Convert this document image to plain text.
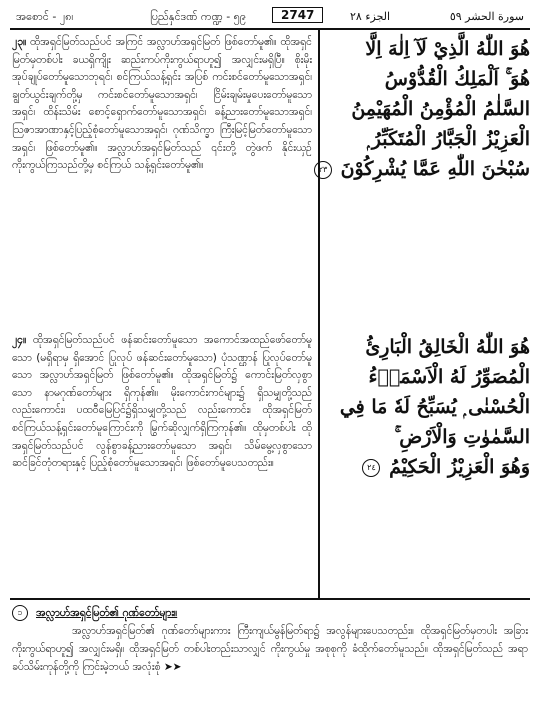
အစောင် - ၂၈၊	ပြည်နှင်ဒဏ် ကဏ္ဍ - ၅၉	2747	الجزء ٢٨	سورة الحشر ٥٩

၂၃။ ထိုအရှင်မြတ်သည်ပင် အကြင် အလ္လာဟ်အရှင်မြတ် ဖြစ်တော်မူ၏။ ထိုအရှင်မြတ်မှတစ်ပါး ခယရှိကျိုး ဆည်းကပ်ကိုးကွယ်ရာဟူ၍ အလျှင်းမရှိပြီ။ စိုးမိုး အုပ်ချုပ်တော်မူသောဘုရင်၊ စင်ကြယ်သန့်ရှင်း အပြစ် ကင်းစင်တော်မူသောအရှင်၊ ချွတ်ယွင်းချက်တို့မှ ကင်းစင်တော်မူသောအရှင်၊ ငြိမ်းချမ်းမှုပေးတော်မူသော အရှင်၊ ထိန်းသိမ်း စောင့်ရှောက်တော်မူသောအရှင်၊ ခန့်ညားတော်မူသောအရှင်၊ ဩဇာအာဏာနှင့်ပြည့်စုံတော်မူသောအရှင်၊ ဂုဏ်သိက္ခာ ကြီးမြင့်မြတ်တော်မူသော အရှင်၊ ဖြစ်တော်မူ၏။ အလ္လာဟ်အရှင်မြတ်သည် ၎င်းတို့ တွဲဖက် နိုင်းယှဉ် ကိုးကွယ်ကြသည်တို့မှ စင်ကြယ် သန့်ရှင်းတော်မူ၏။

၂၄။ ထိုအရှင်မြတ်သည်ပင် ဖန်ဆင်းတော်မူသော အကောင်အထည်ဖော်တော်မူသော (မရှိရာမှ ရှိအောင် ပြုလုပ် ဖန်ဆင်းတော်မူသော) ပုံသဏ္ဌာန် ပြုလုပ်တော်မူသော အလ္လာဟ်အရှင်မြတ် ဖြစ်တော်မူ၏။ ထိုအရှင်မြတ်၌ ကောင်းမြတ်လှစွာသော နာမဂုဏ်တော်များ ရှိကုန်၏။ မိုးကောင်းကင်များ၌ ရှိသမျှတို့သည်လည်းကောင်း၊ ပထဝီမြေပြင်၌ရှိသမျှတို့သည် လည်းကောင်း၊ ထိုအရှင်မြတ် စင်ကြယ်သန့်ရှင်းတော်မူကြောင်းကို မြွက်ဆိုလျှက်ရှိကြကုန်၏။ ထိုမှတစ်ပါး ထိုအရှင်မြတ်သည်ပင် လွန်စွာခန့်ညားတော်မူသော အရှင်၊ သိမ်မွေ့လှစွာသော ဆင်ခြင်တုံတရားနှင့် ပြည့်စုံတော်မူသောအရှင်၊ ဖြစ်တော်မူပေသတည်း။

هُوَ اللّٰهُ الَّذِيْ لَآ اِلٰهَ اِلَّا
هُوَ ۚ اَلْمَلِكُ الْقُدُّوْسُ
السَّلٰمُ الْمُؤْمِنُ الْمُهَيْمِنُ
الْعَزِيْزُ الْجَبَّارُ الْمُتَكَبِّرُ ۭ
سُبْحٰنَ اللّٰهِ عَمَّا يُشْرِكُوْنَ ٢٣
هُوَ اللّٰهُ الْخَالِقُ الْبَارِئُ
الْمُصَوِّرُ لَهُ الْاَسْمَاۗءُ
الْحُسْنٰى ۭ يُسَبِّحُ لَهٗ مَا فِي
السَّمٰوٰتِ وَالْاَرْضِ ۚ
وَهُوَ الْعَزِيْزُ الْحَكِيْمُ ٢٤
၁	အလ္လာဟ်အရှင်မြတ်၏ ဂုဏ်တော်များ။

အလ္လာဟ်အရှင်မြတ်၏ ဂုဏ်တော်များကား ကြီးကျယ်မွန်မြတ်ရာ၌ အလွန်များပေသတည်း။ ထိုအရှင်မြတ်မှတပါး အခြားကိုးကွယ်ရာဟူ၍ အလျှင်းမရှိ။ ထိုအရှင်မြတ် တစ်ပါးတည်းသာလျှင် ကိုးကွယ်မှု အစုစုကို ခံထိုက်တော်မူသည်။ ထိုအရှင်မြတ်သည် အရာခပ်သိမ်းကုန်တို့ကို ကြင်းမဲ့ဘယ် အလုံးစုံ ➤➤
